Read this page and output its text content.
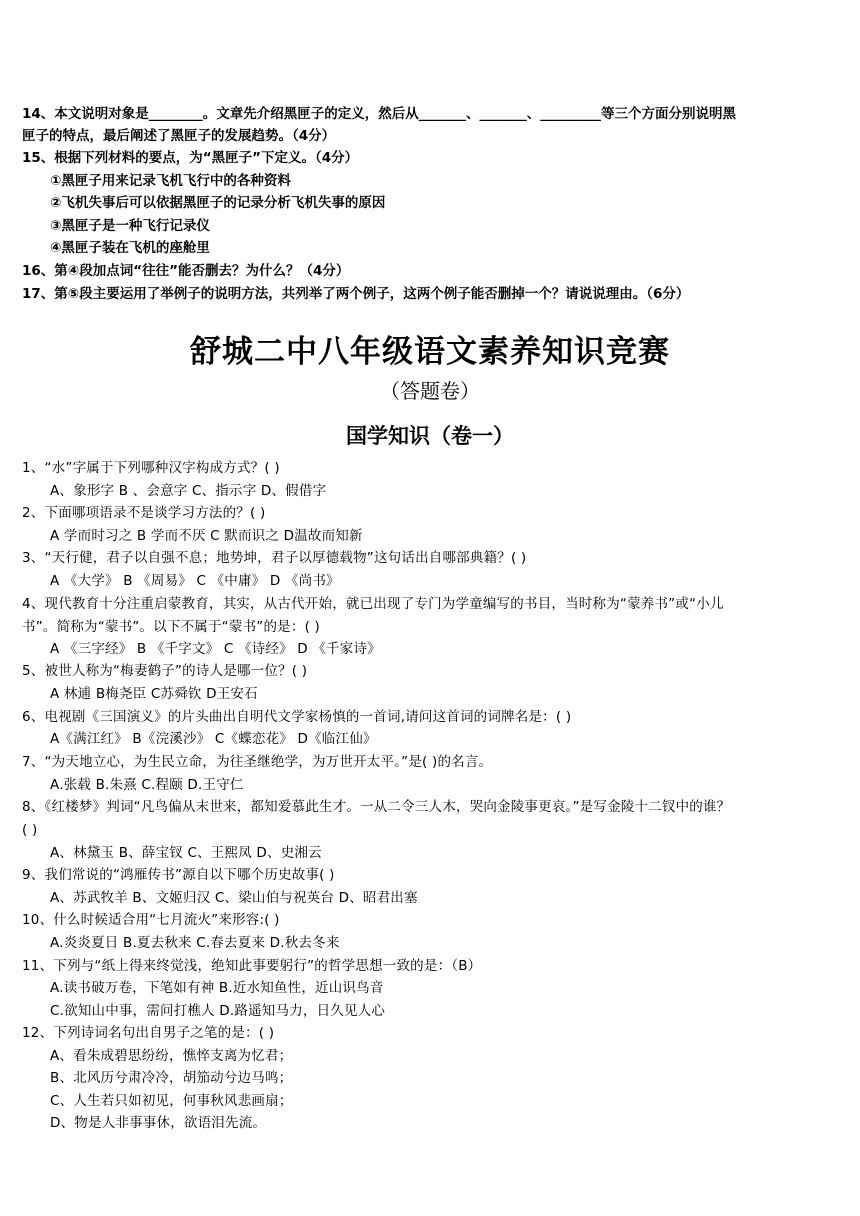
14、本文说明对象是________。文章先介绍黑匣子的定义，然后从_______、_______、_________等三个方面分别说明黑
匣子的特点，最后阐述了黑匣子的发展趋势。（4分）
15、根据下列材料的要点，为“黑匣子”下定义。（4分）
①黑匣子用来记录飞机飞行中的各种资料
②飞机失事后可以依据黑匣子的记录分析飞机失事的原因
③黑匣子是一种飞行记录仪
④黑匣子装在飞机的座舱里
16、第④段加点词“往往”能否删去？为什么？（4分）
17、第⑤段主要运用了举例子的说明方法，共列举了两个例子，这两个例子能否删掉一个？请说说理由。（6分）
舒城二中八年级语文素养知识竞赛
（答题卷）
国学知识（卷一）
1、“水”字属于下列哪种汉字构成方式？( )
A、象形字 B 、会意字 C、指示字 D、假借字
2、下面哪项语录不是谈学习方法的？( )
A 学而时习之 B 学而不厌 C 默而识之 D温故而知新
3、“天行健，君子以自强不息；地势坤，君子以厚德载物”这句话出自哪部典籍？( )
A 《大学》 B 《周易》 C 《中庸》 D 《尚书》
4、现代教育十分注重启蒙教育，其实，从古代开始，就已出现了专门为学童编写的书目，当时称为“蒙养书”或“小儿
书”。简称为“蒙书”。以下不属于“蒙书”的是：( )
A 《三字经》 B 《千字文》 C 《诗经》 D 《千家诗》
5、被世人称为“梅妻鹤子”的诗人是哪一位？( )
A 林逋 B梅尧臣 C苏舜钦 D王安石
6、电视剧《三国演义》的片头曲出自明代文学家杨慎的一首词,请问这首词的词牌名是：( )
A《满江红》 B《浣溪沙》 C《蝶恋花》 D《临江仙》
7、“为天地立心，为生民立命，为往圣继绝学，为万世开太平。”是( )的名言。
A.张载 B.朱熹 C.程颐 D.王守仁
8、《红楼梦》判词“凡鸟偏从末世来，都知爱慕此生才。一从二令三人木，哭向金陵事更哀。”是写金陵十二钗中的谁？
( )
A、林黛玉 B、薛宝钗 C、王熙凤 D、史湘云
9、我们常说的“鸿雁传书”源自以下哪个历史故事( )
A、苏武牧羊 B、文姬归汉 C、梁山伯与祝英台 D、昭君出塞
10、什么时候适合用“七月流火”来形容:( )
A.炎炎夏日 B.夏去秋来 C.春去夏来 D.秋去冬来
11、下列与“纸上得来终觉浅，绝知此事要躬行”的哲学思想一致的是：（B）
A.读书破万卷，下笔如有神 B.近水知鱼性，近山识鸟音
C.欲知山中事，需问打樵人 D.路遥知马力，日久见人心
12、下列诗词名句出自男子之笔的是：( )
A、看朱成碧思纷纷，憔悴支离为忆君；
B、北风历兮肃冷冷，胡笳动兮边马鸣；
C、人生若只如初见，何事秋风悲画扇；
D、物是人非事事休，欲语泪先流。
